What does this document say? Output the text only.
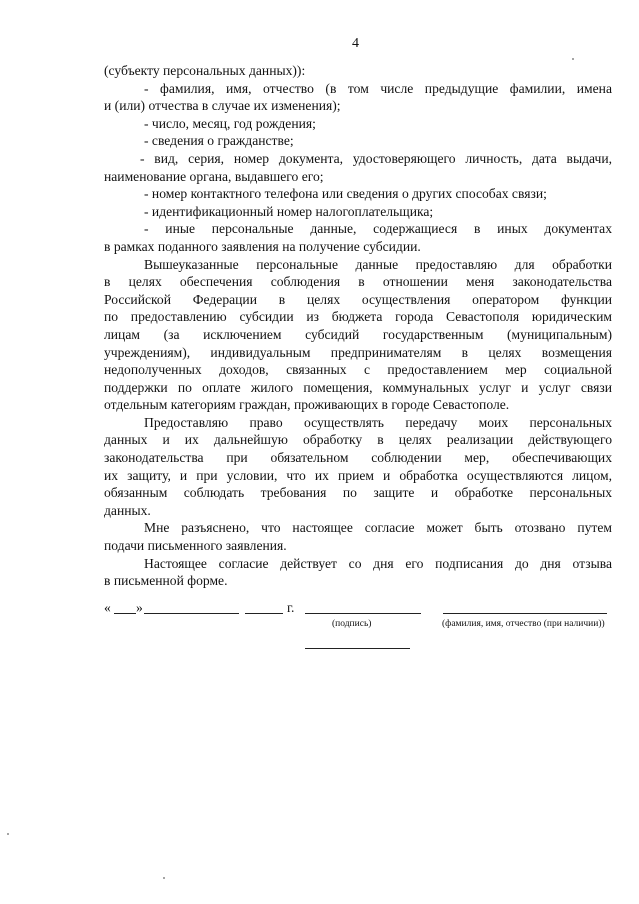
4
(субъекту персональных данных)):
- фамилия, имя, отчество (в том числе предыдущие фамилии, имена
и (или) отчества в случае их изменения);
- число, месяц, год рождения;
- сведения о гражданстве;
- вид, серия, номер документа, удостоверяющего личность, дата выдачи,
наименование органа, выдавшего его;
- номер контактного телефона или сведения о других способах связи;
- идентификационный номер налогоплательщика;
- иные персональные данные, содержащиеся в иных документах
в рамках поданного заявления на получение субсидии.
Вышеуказанные персональные данные предоставляю для обработки
в целях обеспечения соблюдения в отношении меня законодательства
Российской Федерации в целях осуществления оператором функции
по предоставлению субсидии из бюджета города Севастополя юридическим
лицам (за исключением субсидий государственным (муниципальным)
учреждениям), индивидуальным предпринимателям в целях возмещения
недополученных доходов, связанных с предоставлением мер социальной
поддержки по оплате жилого помещения, коммунальных услуг и услуг связи
отдельным категориям граждан, проживающих в городе Севастополе.
Предоставляю право осуществлять передачу моих персональных
данных и их дальнейшую обработку в целях реализации действующего
законодательства при обязательном соблюдении мер, обеспечивающих
их защиту, и при условии, что их прием и обработка осуществляются лицом,
обязанным соблюдать требования по защите и обработке персональных
данных.
Мне разъяснено, что настоящее согласие может быть отозвано путем
подачи письменного заявления.
Настоящее согласие действует со дня его подписания до дня отзыва
в письменной форме.
« »	г.
(подпись)	(фамилия, имя, отчество (при наличии))
